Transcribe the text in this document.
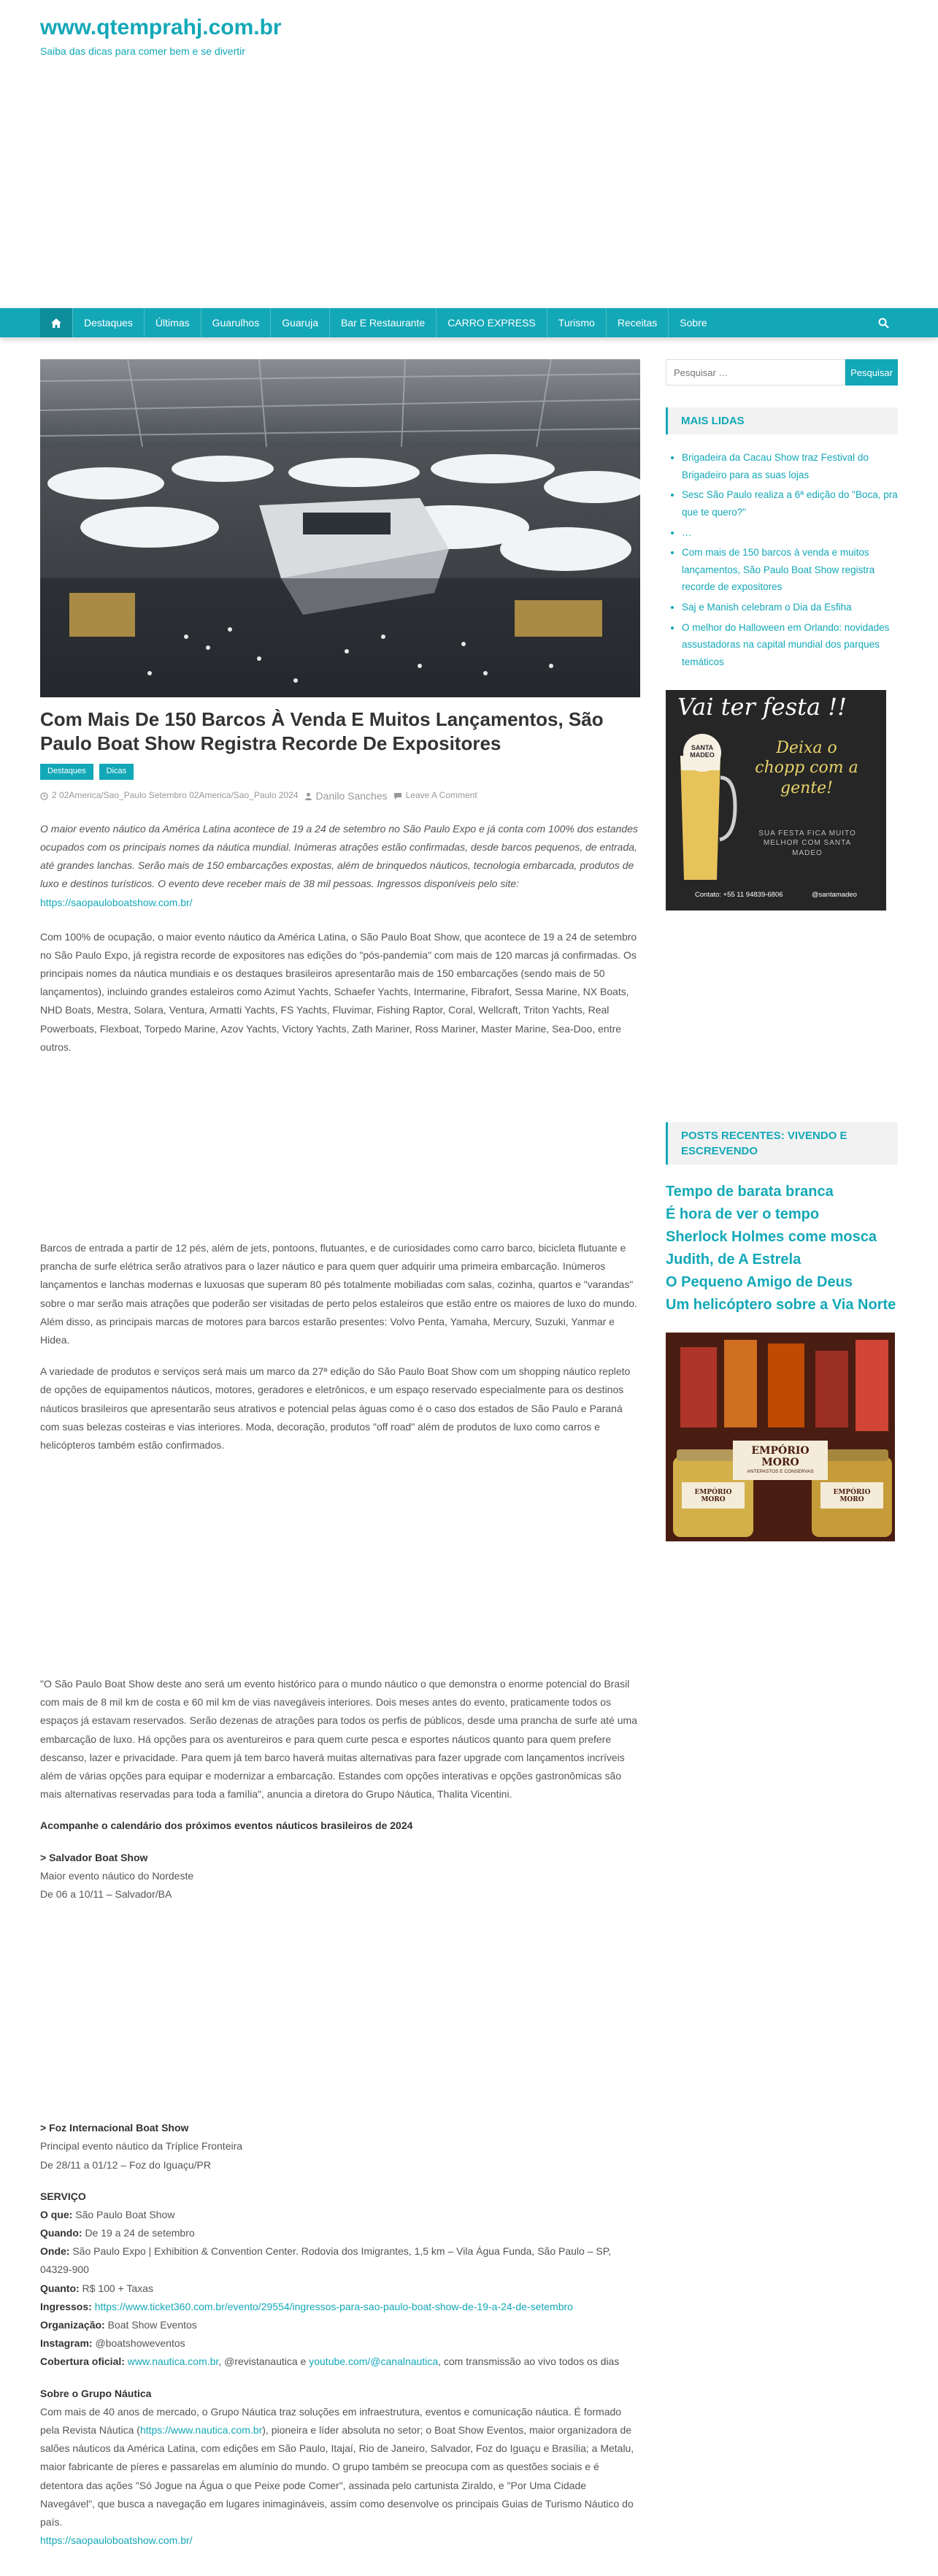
www.qtemprahj.com.br
Saiba das dicas para comer bem e se divertir
Destaques	Últimas	Guarulhos	Guaruja	Bar E Restaurante	CARRO EXPRESS	Turismo	Receitas	Sobre
Com Mais De 150 Barcos À Venda E Muitos Lançamentos, São Paulo Boat Show Registra Recorde De Expositores
Destaques	Dicas
2 02America/Sao_Paulo Setembro 02America/Sao_Paulo 2024 Danilo Sanches Leave A Comment

O maior evento náutico da América Latina acontece de 19 a 24 de setembro no São Paulo Expo e já conta com 100% dos estandes ocupados com os principais nomes da náutica mundial. Inúmeras atrações estão confirmadas, desde barcos pequenos, de entrada, até grandes lanchas. Serão mais de 150 embarcações expostas, além de brinquedos náuticos, tecnologia embarcada, produtos de luxo e destinos turísticos. O evento deve receber mais de 38 mil pessoas. Ingressos disponíveis pelo site:
https://saopauloboatshow.com.br/

Com 100% de ocupação, o maior evento náutico da América Latina, o São Paulo Boat Show, que acontece de 19 a 24 de setembro no São Paulo Expo, já registra recorde de expositores nas edições do "pós-pandemia" com mais de 120 marcas já confirmadas. Os principais nomes da náutica mundiais e os destaques brasileiros apresentarão mais de 150 embarcações (sendo mais de 50 lançamentos), incluindo grandes estaleiros como Azimut Yachts, Schaefer Yachts, Intermarine, Fibrafort, Sessa Marine, NX Boats, NHD Boats, Mestra, Solara, Ventura, Armatti Yachts, FS Yachts, Fluvimar, Fishing Raptor, Coral, Wellcraft, Triton Yachts, Real Powerboats, Flexboat, Torpedo Marine, Azov Yachts, Victory Yachts, Zath Mariner, Ross Mariner, Master Marine, Sea-Doo, entre outros.

Barcos de entrada a partir de 12 pés, além de jets, pontoons, flutuantes, e de curiosidades como carro barco, bicicleta flutuante e prancha de surfe elétrica serão atrativos para o lazer náutico e para quem quer adquirir uma primeira embarcação. Inúmeros lançamentos e lanchas modernas e luxuosas que superam 80 pés totalmente mobiliadas com salas, cozinha, quartos e "varandas" sobre o mar serão mais atrações que poderão ser visitadas de perto pelos estaleiros que estão entre os maiores de luxo do mundo. Além disso, as principais marcas de motores para barcos estarão presentes: Volvo Penta, Yamaha, Mercury, Suzuki, Yanmar e Hidea.

A variedade de produtos e serviços será mais um marco da 27ª edição do São Paulo Boat Show com um shopping náutico repleto de opções de equipamentos náuticos, motores, geradores e eletrônicos, e um espaço reservado especialmente para os destinos náuticos brasileiros que apresentarão seus atrativos e potencial pelas águas como é o caso dos estados de São Paulo e Paraná com suas belezas costeiras e vias interiores. Moda, decoração, produtos "off road" além de produtos de luxo como carros e helicópteros também estão confirmados.

"O São Paulo Boat Show deste ano será um evento histórico para o mundo náutico o que demonstra o enorme potencial do Brasil com mais de 8 mil km de costa e 60 mil km de vias navegáveis interiores. Dois meses antes do evento, praticamente todos os espaços já estavam reservados. Serão dezenas de atrações para todos os perfis de públicos, desde uma prancha de surfe até uma embarcação de luxo. Há opções para os aventureiros e para quem curte pesca e esportes náuticos quanto para quem prefere descanso, lazer e privacidade. Para quem já tem barco haverá muitas alternativas para fazer upgrade com lançamentos incríveis além de várias opções para equipar e modernizar a embarcação. Estandes com opções interativas e opções gastronômicas são mais alternativas reservadas para toda a família", anuncia a diretora do Grupo Náutica, Thalita Vicentini.

Acompanhe o calendário dos próximos eventos náuticos brasileiros de 2024

> Salvador Boat Show
Maior evento náutico do Nordeste
De 06 a 10/11 – Salvador/BA

> Foz Internacional Boat Show
Principal evento náutico da Tríplice Fronteira
De 28/11 a 01/12 – Foz do Iguaçu/PR

SERVIÇO
O que: São Paulo Boat Show
Quando: De 19 a 24 de setembro
Onde: São Paulo Expo | Exhibition & Convention Center. Rodovia dos Imigrantes, 1,5 km – Vila Água Funda, São Paulo – SP, 04329-900
Quanto: R$ 100 + Taxas
Ingressos: https://www.ticket360.com.br/evento/29554/ingressos-para-sao-paulo-boat-show-de-19-a-24-de-setembro
Organização: Boat Show Eventos
Instagram: @boatshoweventos
Cobertura oficial: www.nautica.com.br, @revistanautica e youtube.com/@canalnautica, com transmissão ao vivo todos os dias

Sobre o Grupo Náutica
Com mais de 40 anos de mercado, o Grupo Náutica traz soluções em infraestrutura, eventos e comunicação náutica. É formado pela Revista Náutica (https://www.nautica.com.br), pioneira e líder absoluta no setor; o Boat Show Eventos, maior organizadora de salões náuticos da América Latina, com edições em São Paulo, Itajaí, Rio de Janeiro, Salvador, Foz do Iguaçu e Brasília; a Metalu, maior fabricante de píeres e passarelas em alumínio do mundo. O grupo também se preocupa com as questões sociais e é detentora das ações "Só Jogue na Água o que Peixe pode Comer", assinada pelo cartunista Ziraldo, e "Por Uma Cidade Navegável", que busca a navegação em lugares inimagináveis, assim como desenvolve os principais Guias de Turismo Náutico do país.
https://saopauloboatshow.com.br/

Pesquisar …
Pesquisar
MAIS LIDAS
• Brigadeira da Cacau Show traz Festival do Brigadeiro para as suas lojas
• Sesc São Paulo realiza a 6ª edição do "Boca, pra que te quero?"
• …
• Com mais de 150 barcos à venda e muitos lançamentos, São Paulo Boat Show registra recorde de expositores
• Saj e Manish celebram o Dia da Esfiha
• O melhor do Halloween em Orlando: novidades assustadoras na capital mundial dos parques temáticos
Vai ter festa !!
SANTA
MADEO	Deixa o chopp com a gente!
SUA FESTA FICA MUITO MELHOR COM SANTA MADEO
Contato: +55 11 94839-6806	@santamadeo
POSTS RECENTES: VIVENDO E ESCREVENDO
Tempo de barata branca
É hora de ver o tempo
Sherlock Holmes come mosca
Judith, de A Estrela
O Pequeno Amigo de Deus
Um helicóptero sobre a Via Norte
EMPÓRIO MORO
ANTEPASTOS E CONSERVAS
EMPÓRIO MORO
EMPÓRIO MORO
